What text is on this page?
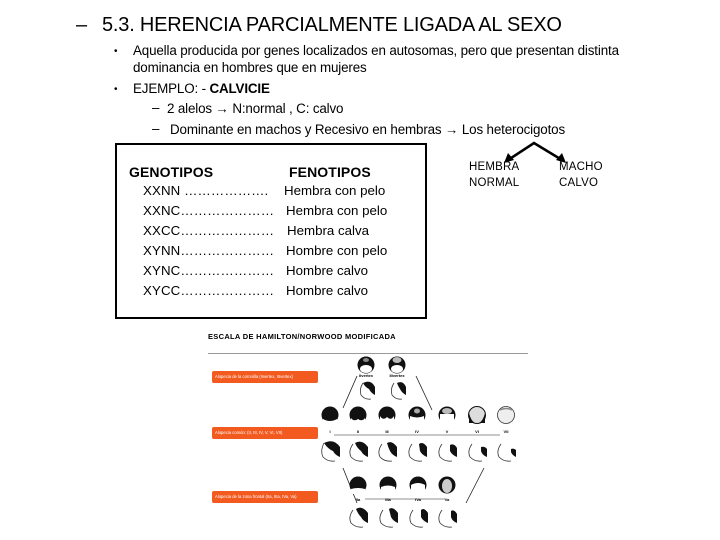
– 5.3. HERENCIA PARCIALMENTE LIGADA AL SEXO
• Aquella producida por genes localizados en autosomas, pero que presentan distinta
dominancia en hombres que en mujeres
• EJEMPLO: - CALVICIE
– 2 alelos → N:normal , C: calvo
– Dominante en machos y Recesivo en hembras → Los heterocigotos
GENOTIPOS	FENOTIPOS
XXNN ………………. Hembra con pelo
XXNC………………… Hembra con pelo
XXCC………………… Hembra calva
XYNN………………… Hombre con pelo
XYNC………………… Hombre calvo
XYCC………………… Hombre calvo
HEMBRA
NORMAL
MACHO
CALVO
ESCALA DE HAMILTON/NORWOOD MODIFICADA
Alopecia de la coronilla (IIvertex, IIIvertex)
Alopecia común: (II, III, IV, V, VI, VII)
Alopecia de la zona frontal (IIa, IIIa, IVa, Va)
IIvertex	IIIvertex
I	II	III	IV	V	VI	VII
IIa	IIIa	IVa	Va
